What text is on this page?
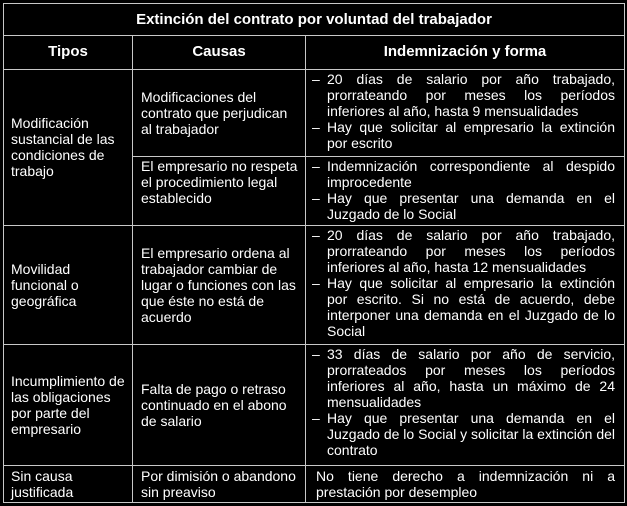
Extinción del contrato por voluntad del trabajador		
Tipos	Causas	Indemnización y forma
Modificación sustancial de las condiciones de trabajo	Modificaciones del contrato que perjudican al trabajador	– 20 días de salario por año trabajado, prorrateando por meses los períodos inferiores al año, hasta 9 mensualidades
– Hay que solicitar al empresario la extinción por escrito

	El empresario no respeta el procedimiento legal establecido	– Indemnización correspondiente al despido improcedente
– Hay que presentar una demanda en el Juzgado de lo Social

Movilidad funcional o geográfica	El empresario ordena al trabajador cambiar de lugar o funciones con las que éste no está de acuerdo	– 20 días de salario por año trabajado, prorrateando por meses los períodos inferiores al año, hasta 12 mensualidades
– Hay que solicitar al empresario la extinción por escrito. Si no está de acuerdo, debe interponer una demanda en el Juzgado de lo Social

Incumplimiento de las obligaciones por parte del empresario	Falta de pago o retraso continuado en el abono de salario	– 33 días de salario por año de servicio, prorrateados por meses los períodos inferiores al año, hasta un máximo de 24 mensualidades
– Hay que presentar una demanda en el Juzgado de lo Social y solicitar la extinción del contrato

Sin causa justificada	Por dimisión o abandono sin preaviso	No tiene derecho a indemnización ni a prestación por desempleo
